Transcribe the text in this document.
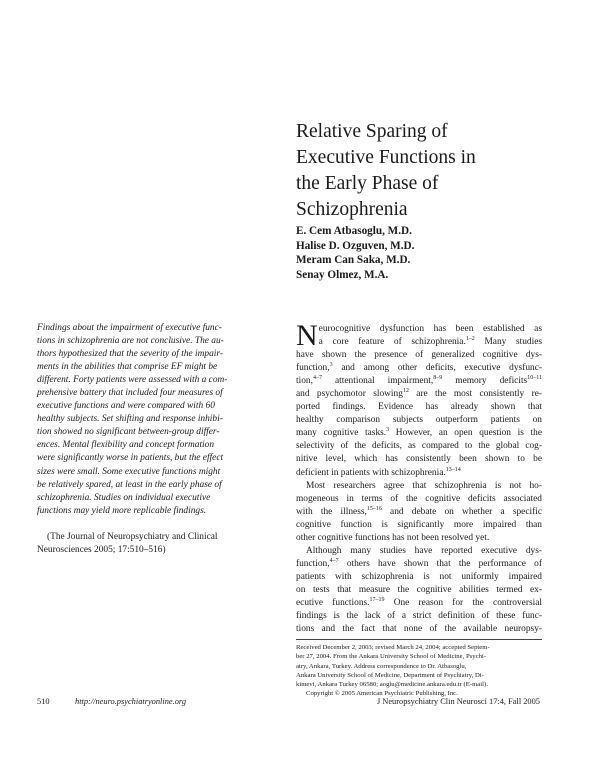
Relative Sparing of
Executive Functions in
the Early Phase of
Schizophrenia
E. Cem Atbasoglu, M.D.
Halise D. Ozguven, M.D.
Meram Can Saka, M.D.
Senay Olmez, M.A.
Findings about the impairment of executive func-
tions in schizophrenia are not conclusive. The au-
thors hypothesized that the severity of the impair-
ments in the abilities that comprise EF might be
different. Forty patients were assessed with a com-
prehensive battery that included four measures of
executive functions and were compared with 60
healthy subjects. Set shifting and response inhibi-
tion showed no significant between-group differ-
ences. Mental flexibility and concept formation
were significantly worse in patients, but the effect
sizes were small. Some executive functions might
be relatively spared, at least in the early phase of
schizophrenia. Studies on individual executive
functions may yield more replicable findings.
(The Journal of Neuropsychiatry and Clinical
Neurosciences 2005; 17:510–516)
N eurocognitive dysfunction has been established as
a core feature of schizophrenia.$^{1-2}$ Many studies
have shown the presence of generalized cognitive dys-
function,$^3$ and among other deficits, executive dysfunc-
tion,$^{4-7}$ attentional impairment,$^{8-9}$ memory deficits$^{10-11}$
and psychomotor slowing$^{12}$ are the most consistently re-
ported findings. Evidence has already shown that
healthy comparison subjects outperform patients on
many cognitive tasks.$^3$ However, an open question is the
selectivity of the deficits, as compared to the global cog-
nitive level, which has consistently been shown to be
deficient in patients with schizophrenia.$^{13-14}$
Most researchers agree that schizophrenia is not ho-
mogeneous in terms of the cognitive deficits associated
with the illness,$^{15-16}$ and debate on whether a specific
cognitive function is significantly more impaired than
other cognitive functions has not been resolved yet.
Although many studies have reported executive dys-
function,$^{4-7}$ others have shown that the performance of
patients with schizophrenia is not uniformly impaired
on tests that measure the cognitive abilities termed ex-
ecutive functions.$^{17-19}$ One reason for the controversial
findings is the lack of a strict definition of these func-
tions and the fact that none of the available neuropsy-
Received December 2, 2003; revised March 24, 2004; accepted Septem-
ber 27, 2004. From the Ankara University School of Medicine, Psychi-
atry, Ankara, Turkey. Address correspondence to Dr. Atbasoglu,
Ankara University School of Medicine, Department of Psychiatry, Di-
kimevi, Ankara Turkey 06580; aoglu@medicine.ankara.edu.tr (E-mail).
Copyright © 2005 American Psychiatric Publishing, Inc.
510	http://neuro.psychiatryonline.org	J Neuropsychiatry Clin Neurosci 17:4, Fall 2005
